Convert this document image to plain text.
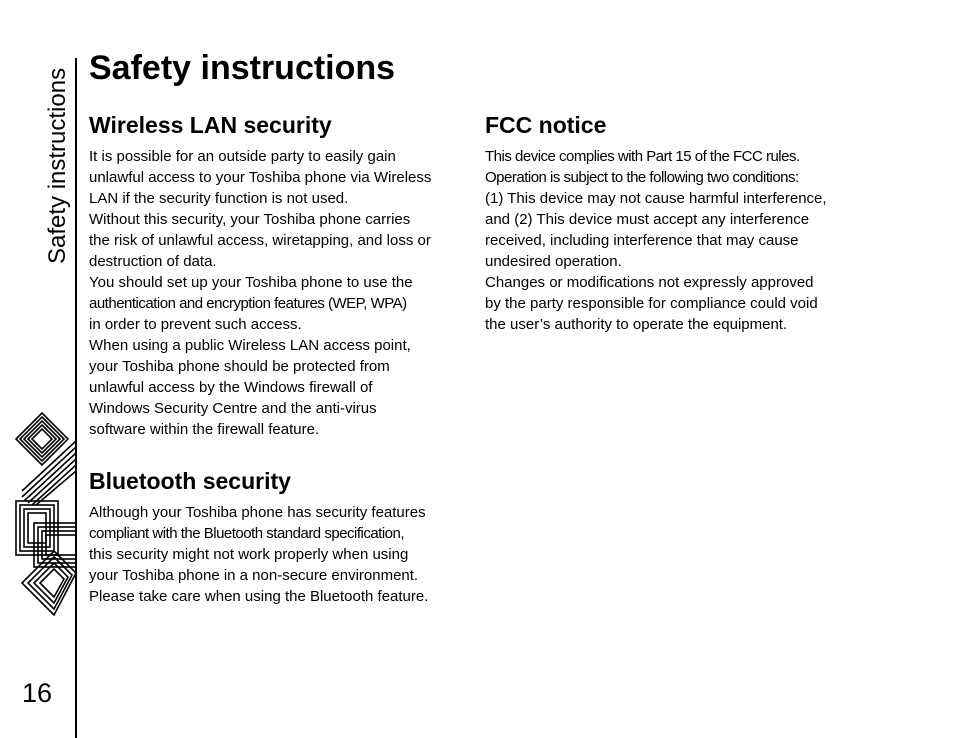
Safety instructions
16
Safety instructions
Wireless LAN security

It is possible for an outside party to easily gain

unlawful access to your Toshiba phone via Wireless

LAN if the security function is not used.

Without this security, your Toshiba phone carries

the risk of unlawful access, wiretapping, and loss or

destruction of data.

You should set up your Toshiba phone to use the

authentication and encryption features (WEP, WPA)

in order to prevent such access.

When using a public Wireless LAN access point,

your Toshiba phone should be protected from

unlawful access by the Windows firewall of

Windows Security Centre and the anti-virus

software within the firewall feature.

Bluetooth security

Although your Toshiba phone has security features

compliant with the Bluetooth standard specification,

this security might not work properly when using

your Toshiba phone in a non-secure environment.

Please take care when using the Bluetooth feature.

FCC notice

This device complies with Part 15 of the FCC rules.

Operation is subject to the following two conditions:

(1) This device may not cause harmful interference,

and (2) This device must accept any interference

received, including interference that may cause

undesired operation.

Changes or modifications not expressly approved

by the party responsible for compliance could void

the user’s authority to operate the equipment.
